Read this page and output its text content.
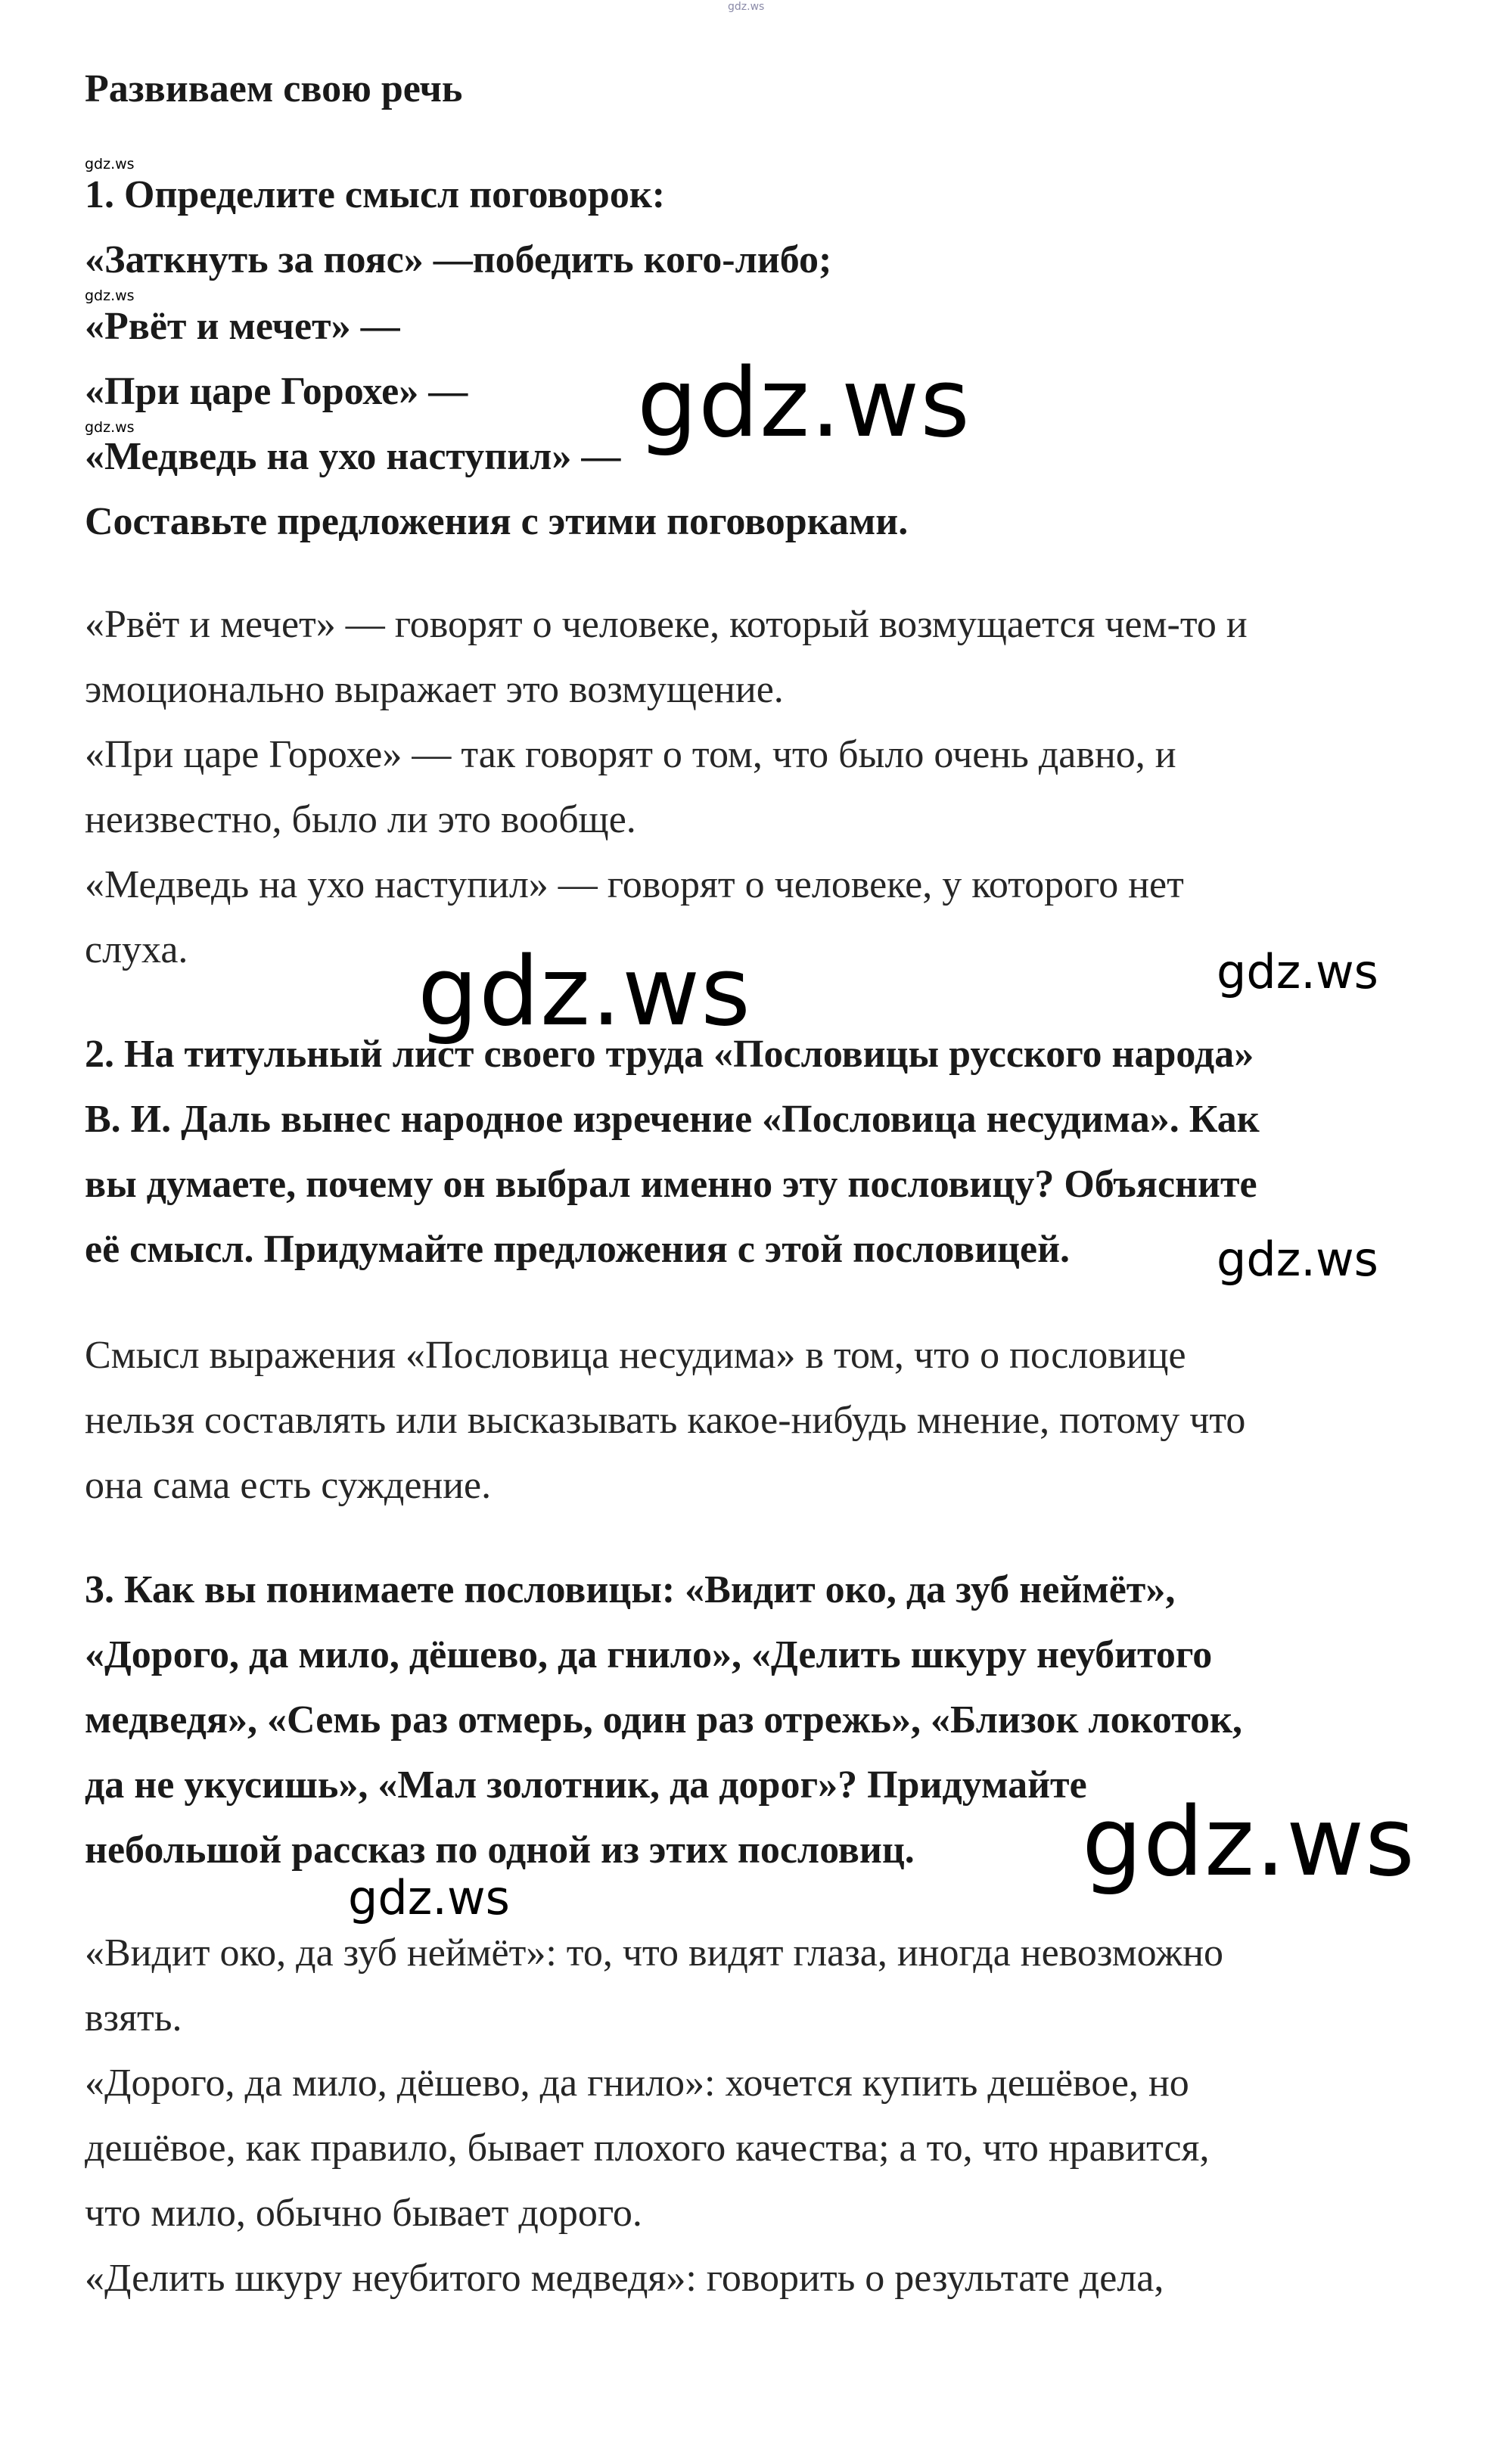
gdz.ws

Развиваем свою речь

gdz.ws

1. Определите смысл поговорок:

«Заткнуть за пояс» —победить кого-либо;

gdz.ws

«Рвёт и мечет» —

«При царе Горохе» —

gdz.ws

«Медведь на ухо наступил» —

Составьте предложения с этими поговорками.

gdz.ws

«Рвёт и мечет» — говорят о человеке, который возмущается чем-то и

эмоционально выражает это возмущение.

«При царе Горохе» — так говорят о том, что было очень давно, и

неизвестно, было ли это вообще.

«Медведь на ухо наступил» — говорят о человеке, у которого нет

слуха. gdz.ws	gdz.ws

2. На титульный лист своего труда «Пословицы русского народа»

В. И. Даль вынес народное изречение «Пословица несудима». Как

вы думаете, почему он выбрал именно эту пословицу? Объясните

её смысл. Придумайте предложения с этой пословицей.	gdz.ws

Смысл выражения «Пословица несудима» в том, что о пословице

нельзя составлять или высказывать какое-нибудь мнение, потому что

она сама есть суждение.

3. Как вы понимаете пословицы: «Видит око, да зуб неймёт»,

«Дорого, да мило, дёшево, да гнило», «Делить шкуру неубитого

медведя», «Семь раз отмерь, один раз отрежь», «Близок локоток,

да не укусишь», «Мал золотник, да дорог»? Придумайте

небольшой рассказ по одной из этих пословиц. gdz.ws
gdz.ws

«Видит око, да зуб неймёт»: то, что видят глаза, иногда невозможно

взять.

«Дорого, да мило, дёшево, да гнило»: хочется купить дешёвое, но

дешёвое, как правило, бывает плохого качества; а то, что нравится,

что мило, обычно бывает дорого.

«Делить шкуру неубитого медведя»: говорить о результате дела,
